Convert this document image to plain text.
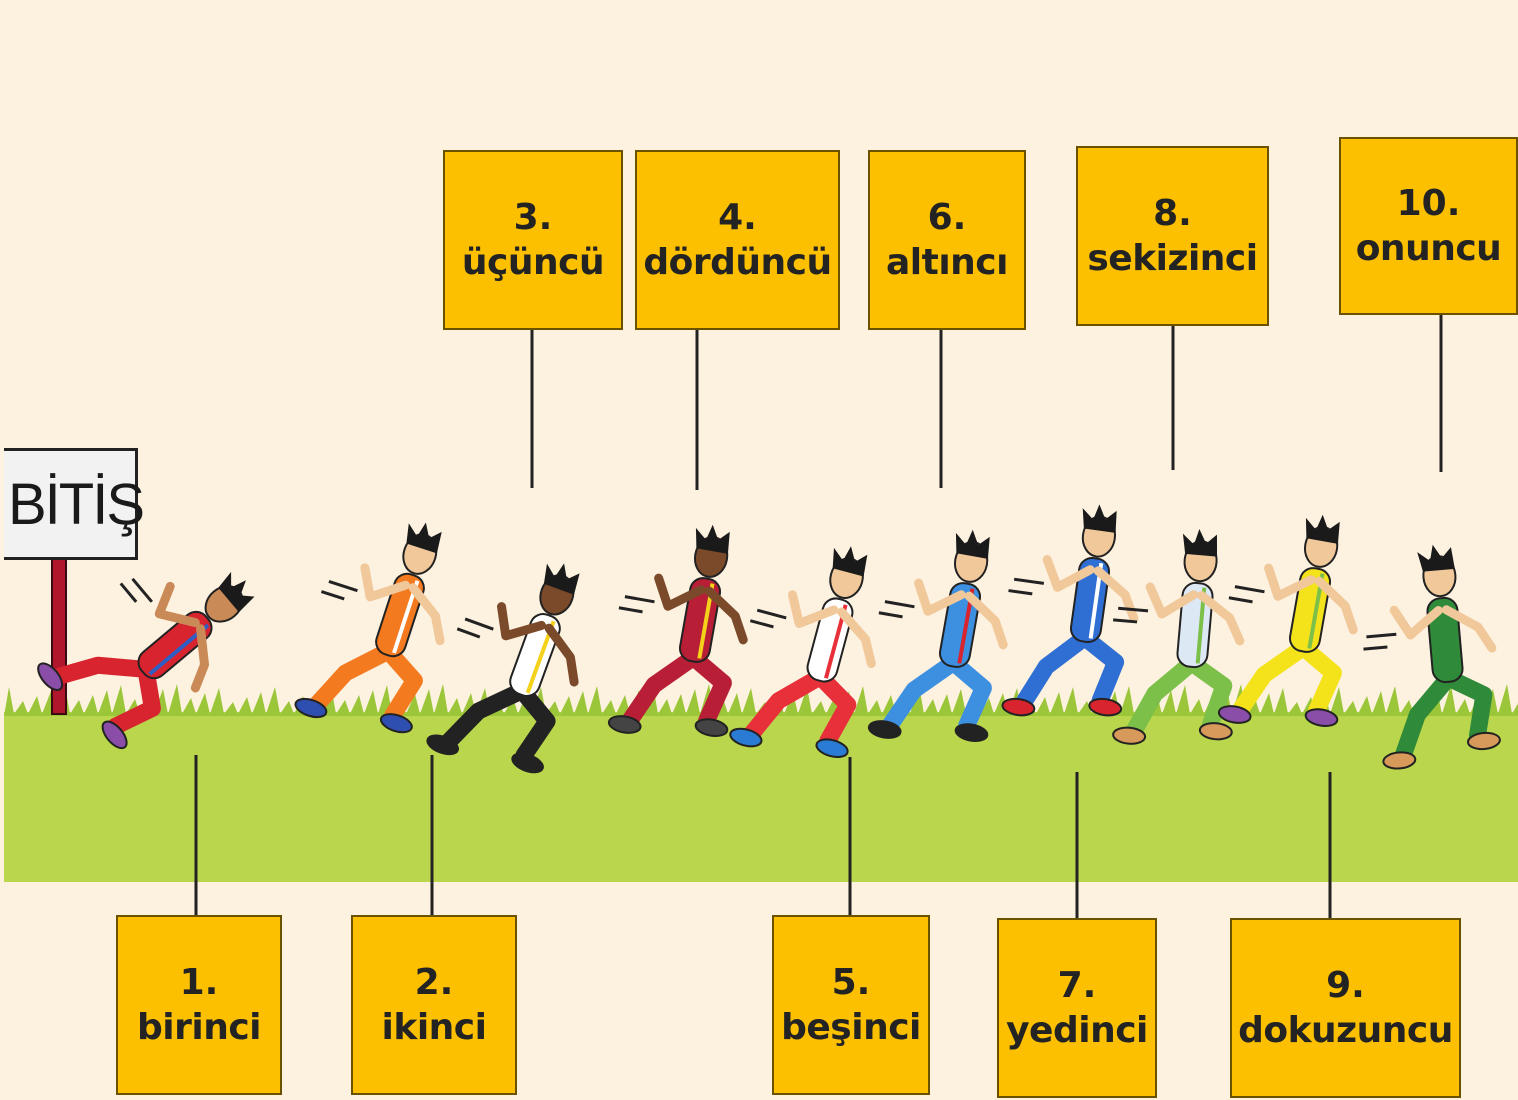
BİTİŞ
1.
birinci
2.
ikinci
3.
üçüncü
4.
dördüncü
5.
beşinci
6.
altıncı
7.
yedinci
8.
sekizinci
9.
dokuzuncu
10.
onuncu
